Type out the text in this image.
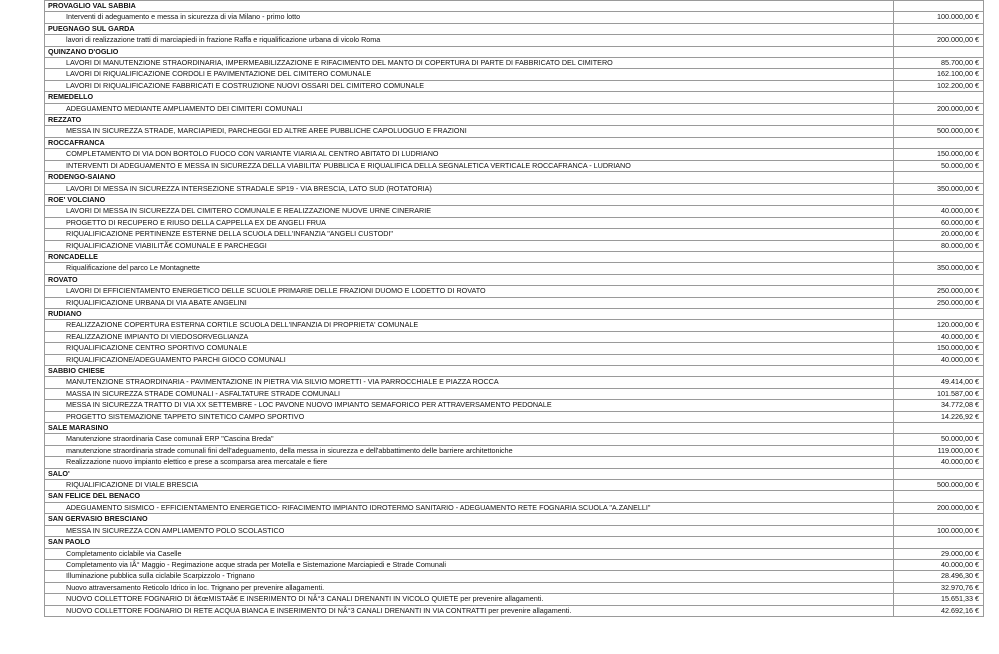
PROVAGLIO VAL SABBIA	
Interventi di adeguamento e messa in sicurezza di via Milano - primo lotto	100.000,00 €
PUEGNAGO SUL GARDA	
lavori di realizzazione tratti di marciapiedi in frazione Raffa e riqualificazione urbana di vicolo Roma	200.000,00 €
QUINZANO D'OGLIO	
LAVORI DI MANUTENZIONE STRAORDINARIA, IMPERMEABILIZZAZIONE E RIFACIMENTO DEL MANTO DI COPERTURA DI PARTE DI FABBRICATO DEL CIMITERO	85.700,00 €
LAVORI DI RIQUALIFICAZIONE CORDOLI E PAVIMENTAZIONE DEL CIMITERO COMUNALE	162.100,00 €
LAVORI DI RIQUALIFICAZIONE FABBRICATI E COSTRUZIONE NUOVI OSSARI DEL CIMITERO COMUNALE	102.200,00 €
REMEDELLO	
ADEGUAMENTO MEDIANTE AMPLIAMENTO DEI CIMITERI COMUNALI	200.000,00 €
REZZATO	
MESSA IN SICUREZZA STRADE, MARCIAPIEDI, PARCHEGGI ED ALTRE AREE PUBBLICHE CAPOLUOGUO E FRAZIONI	500.000,00 €
ROCCAFRANCA	
COMPLETAMENTO DI VIA DON BORTOLO FUOCO CON VARIANTE VIARIA AL CENTRO ABITATO DI LUDRIANO	150.000,00 €
INTERVENTI DI ADEGUAMENTO E MESSA IN SICUREZZA DELLA VIABILITA' PUBBLICA E RIQUALIFICA DELLA SEGNALETICA VERTICALE ROCCAFRANCA - LUDRIANO	50.000,00 €
RODENGO-SAIANO	
LAVORI DI MESSA IN SICUREZZA INTERSEZIONE STRADALE SP19 - VIA BRESCIA, LATO SUD (ROTATORIA)	350.000,00 €
ROE' VOLCIANO	
LAVORI DI MESSA IN SICUREZZA DEL CIMITERO COMUNALE E REALIZZAZIONE NUOVE URNE CINERARIE	40.000,00 €
PROGETTO DI RECUPERO E RIUSO DELLA CAPPELLA EX DE ANGELI FRUA	60.000,00 €
RIQUALIFICAZIONE PERTINENZE ESTERNE DELLA SCUOLA DELL'INFANZIA "ANGELI CUSTODI"	20.000,00 €
RIQUALIFICAZIONE VIABILITÃ€ COMUNALE E PARCHEGGI	80.000,00 €
RONCADELLE	
Riqualificazione del parco Le Montagnette	350.000,00 €
ROVATO	
LAVORI DI EFFICIENTAMENTO ENERGETICO DELLE SCUOLE PRIMARIE DELLE FRAZIONI DUOMO E LODETTO DI ROVATO	250.000,00 €
RIQUALIFICAZIONE URBANA DI VIA ABATE ANGELINI	250.000,00 €
RUDIANO	
REALIZZAZIONE COPERTURA ESTERNA CORTILE SCUOLA DELL'INFANZIA DI PROPRIETA' COMUNALE	120.000,00 €
REALIZZAZIONE IMPIANTO DI VIEDOSORVEGLIANZA	40.000,00 €
RIQUALIFICAZIONE CENTRO SPORTIVO COMUNALE	150.000,00 €
RIQUALIFICAZIONE/ADEGUAMENTO PARCHI GIOCO COMUNALI	40.000,00 €
SABBIO CHIESE	
MANUTENZIONE STRAORDINARIA - PAVIMENTAZIONE IN PIETRA VIA SILVIO MORETTI - VIA PARROCCHIALE E PIAZZA ROCCA	49.414,00 €
MASSA IN SICUREZZA STRADE COMUNALI - ASFALTATURE STRADE COMUNALI	101.587,00 €
MESSA IN SICUREZZA TRATTO DI VIA XX SETTEMBRE - LOC PAVONE NUOVO IMPIANTO SEMAFORICO PER ATTRAVERSAMENTO PEDONALE	34.772,08 €
PROGETTO SISTEMAZIONE TAPPETO SINTETICO CAMPO SPORTIVO	14.226,92 €
SALE MARASINO	
Manutenzione straordinaria Case comunali ERP "Cascina Breda"	50.000,00 €
manutenzione straordinaria strade comunali fini dell'adeguamento, della messa in sicurezza e dell'abbattimento delle barriere architettoniche	119.000,00 €
Realizzazione nuovo impianto elettico e prese a scomparsa area mercatale e fiere	40.000,00 €
SALO'	
RIQUALIFICAZIONE DI VIALE BRESCIA	500.000,00 €
SAN FELICE DEL BENACO	
ADEGUAMENTO SISMICO - EFFICIENTAMENTO ENERGETICO- RIFACIMENTO IMPIANTO IDROTERMO SANITARIO - ADEGUAMENTO RETE FOGNARIA SCUOLA "A.ZANELLI"	200.000,00 €
SAN GERVASIO BRESCIANO	
MESSA IN SICUREZZA CON AMPLIAMENTO POLO SCOLASTICO	100.000,00 €
SAN PAOLO	
Completamento ciclabile via Caselle	29.000,00 €
Completamento via IÂ° Maggio - Regimazione acque strada per Motella e Sistemazione Marciapiedi e Strade Comunali	40.000,00 €
Illuminazione pubblica sulla ciclabile Scarpizzolo - Trignano	28.496,30 €
Nuovo attraversamento Reticolo Idrico in loc. Trignano per prevenire allagamenti.	32.970,76 €
NUOVO COLLETTORE FOGNARIO DI â€œMISTAâ€ E INSERIMENTO DI NÂ°3 CANALI DRENANTI IN VICOLO QUIETE per prevenire allagamenti.	15.651,33 €
NUOVO COLLETTORE FOGNARIO DI RETE ACQUA BIANCA E INSERIMENTO DI NÂ°3 CANALI DRENANTI IN VIA CONTRATTI per prevenire allagamenti.	42.692,16 €
